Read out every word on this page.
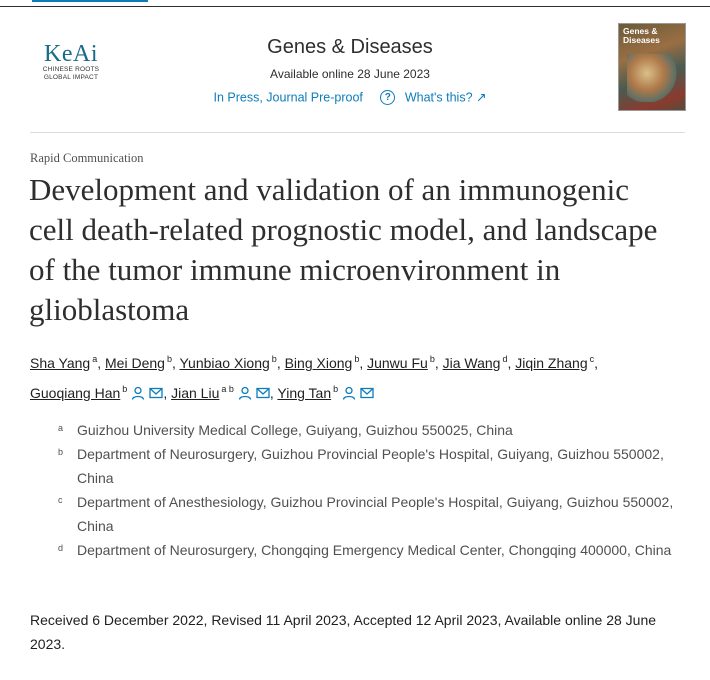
KeAi
CHINESE ROOTS
GLOBAL IMPACT
Genes & Diseases
Available online 28 June 2023
In Press, Journal Pre-proof ? What's this? ↗
Genes & Diseases
Rapid Communication
Development and validation of an immunogenic cell death-related prognostic model, and landscape of the tumor immune microenvironment in glioblastoma
Sha Yang $^a$, Mei Deng $^b$, Yunbiao Xiong $^b$, Bing Xiong $^b$, Junwu Fu $^b$, Jia Wang $^d$, Jiqin Zhang $^c$, Guoqiang Han $^b$	, Jian Liu $^{a b}$	, Ying Tan $^b$
a Guizhou University Medical College, Guiyang, Guizhou 550025, China
b Department of Neurosurgery, Guizhou Provincial People's Hospital, Guiyang, Guizhou 550002, China
c Department of Anesthesiology, Guizhou Provincial People's Hospital, Guiyang, Guizhou 550002, China
d Department of Neurosurgery, Chongqing Emergency Medical Center, Chongqing 400000, China
Received 6 December 2022, Revised 11 April 2023, Accepted 12 April 2023, Available online 28 June 2023.
